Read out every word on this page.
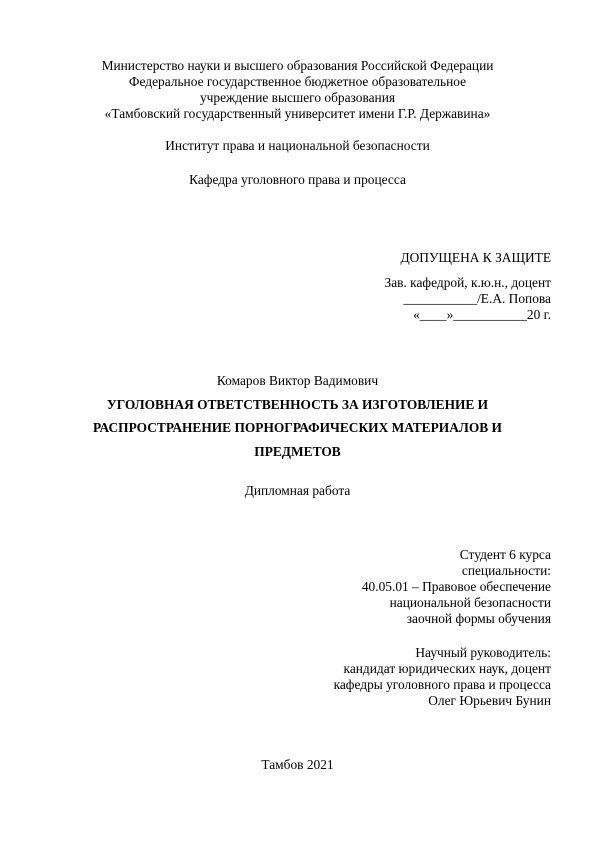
Министерство науки и высшего образования Российской Федерации
Федеральное государственное бюджетное образовательное
учреждение высшего образования
«Тамбовский государственный университет имени Г.Р. Державина»
Институт права и национальной безопасности
Кафедра уголовного права и процесса
ДОПУЩЕНА К ЗАЩИТЕ
Зав. кафедрой, к.ю.н., доцент
___________/Е.А. Попова
«____»___________20 г.
Комаров Виктор Вадимович
УГОЛОВНАЯ ОТВЕТСТВЕННОСТЬ ЗА ИЗГОТОВЛЕНИЕ И
РАСПРОСТРАНЕНИЕ ПОРНОГРАФИЧЕСКИХ МАТЕРИАЛОВ И
ПРЕДМЕТОВ
Дипломная работа
Студент 6 курса
специальности:
40.05.01 – Правовое обеспечение
национальной безопасности
заочной формы обучения
Научный руководитель:
кандидат юридических наук, доцент
кафедры уголовного права и процесса
Олег Юрьевич Бунин
Тамбов 2021
